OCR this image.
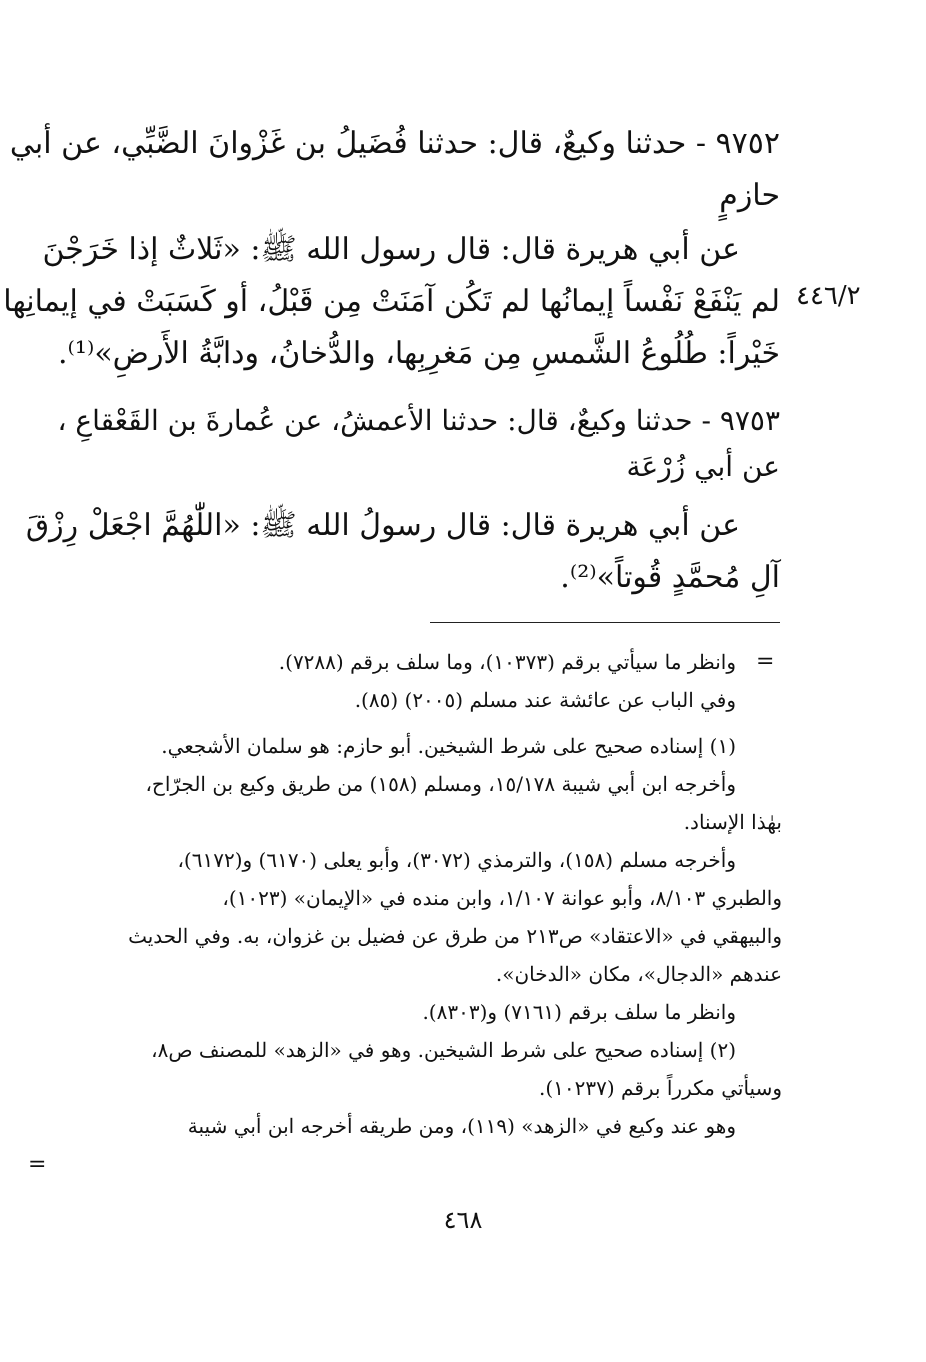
٩٧٥٢ - حدثنا وكيعٌ، قال: حدثنا فُضَيلُ بن غَزْوانَ الضَّبِّي، عن أبي
حازمٍ
عن أبي هريرة قال: قال رسول الله ﷺ: «ثَلاثٌ إذا خَرَجْنَ
لم يَنْفَعْ نَفْساً إيمانُها لم تَكُن آمَنَتْ مِن قَبْلُ، أو كَسَبَتْ في إيمانِها
خَيْراً: طُلُوعُ الشَّمسِ مِن مَغرِبِها، والدُّخانُ، ودابَّةُ الأَرضِ»⁽¹⁾.
٤٤٦/٢
٩٧٥٣ - حدثنا وكيعٌ، قال: حدثنا الأعمشُ، عن عُمارةَ بن القَعْقاعِ ،
عن أبي زُرْعَة
عن أبي هريرة قال: قال رسولُ الله ﷺ: «اللّٰهُمَّ اجْعَلْ رِزْقَ
آلِ مُحمَّدٍ قُوتاً»⁽²⁾.
=
وانظر ما سيأتي برقم (١٠٣٧٣)، وما سلف برقم (٧٢٨٨).
وفي الباب عن عائشة عند مسلم (٢٠٠٥) (٨٥).
(١) إسناده صحيح على شرط الشيخين. أبو حازم: هو سلمان الأشجعي.
وأخرجه ابن أبي شيبة ١٥/١٧٨، ومسلم (١٥٨) من طريق وكيع بن الجرّاح،
بهٰذا الإسناد.
وأخرجه مسلم (١٥٨)، والترمذي (٣٠٧٢)، وأبو يعلى (٦١٧٠) و(٦١٧٢)،
والطبري ٨/١٠٣، وأبو عوانة ١/١٠٧، وابن منده في «الإيمان» (١٠٢٣)،
والبيهقي في «الاعتقاد» ص٢١٣ من طرق عن فضيل بن غزوان، به. وفي الحديث
عندهم «الدجال»، مكان «الدخان».
وانظر ما سلف برقم (٧١٦١) و(٨٣٠٣).
(٢) إسناده صحيح على شرط الشيخين. وهو في «الزهد» للمصنف ص٨،
وسيأتي مكرراً برقم (١٠٢٣٧).
وهو عند وكيع في «الزهد» (١١٩)، ومن طريقه أخرجه ابن أبي شيبة
=
٤٦٨
